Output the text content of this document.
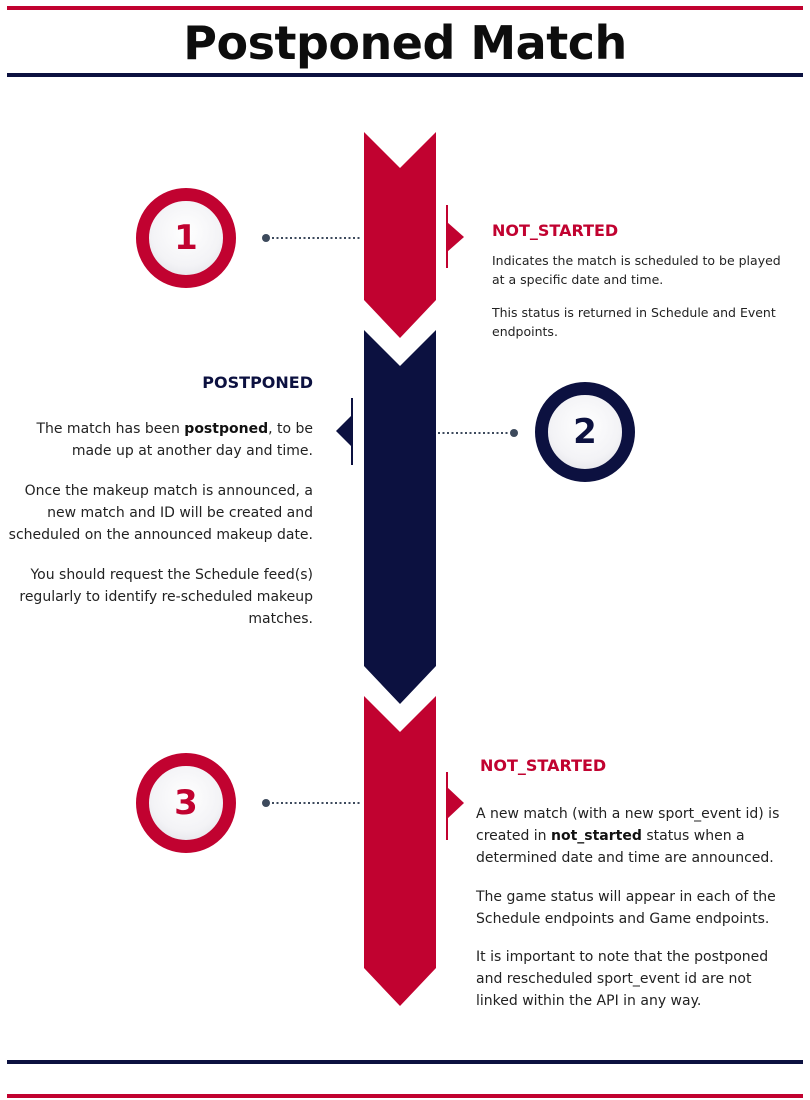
Postponed Match
1
2
3
NOT_STARTED

Indicates the match is scheduled to be played at a specific date and time.

This status is returned in Schedule and Event endpoints.

POSTPONED

The match has been postponed, to be made up at another day and time.

Once the makeup match is announced, a new match and ID will be created and scheduled on the announced makeup date.

You should request the Schedule feed(s) regularly to identify re-scheduled makeup matches.

NOT_STARTED

A new match (with a new sport_event id) is created in not_started status when a determined date and time are announced.

The game status will appear in each of the Schedule endpoints and Game endpoints.

It is important to note that the postponed and rescheduled sport_event id are not linked within the API in any way.
